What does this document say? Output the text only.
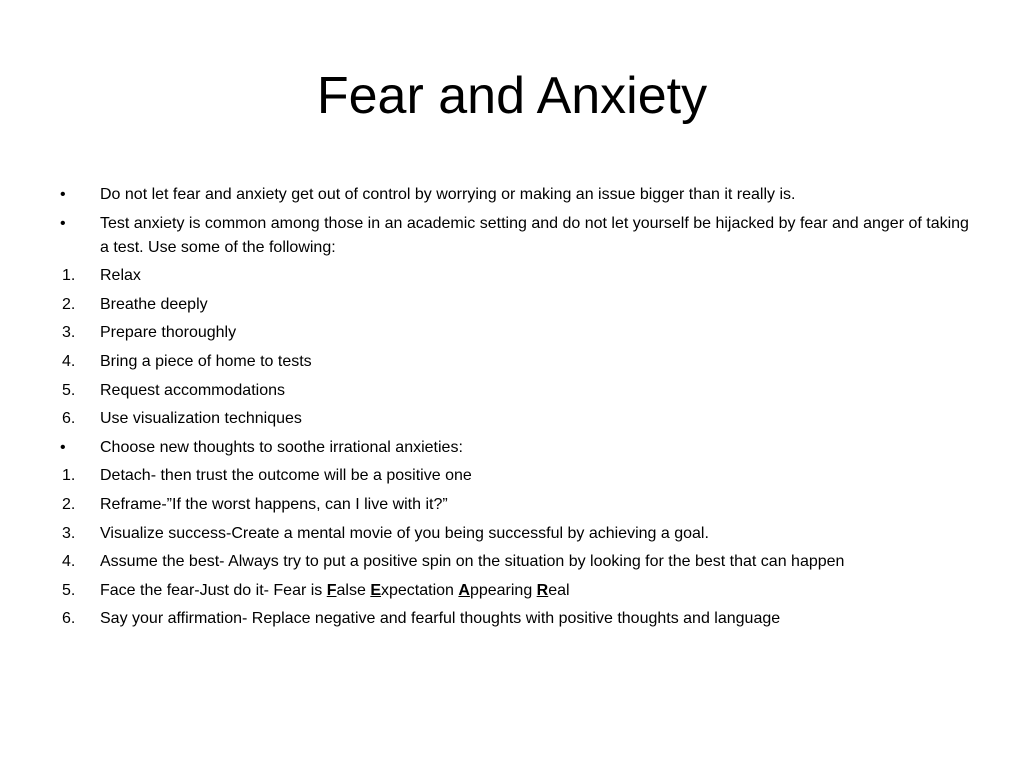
Fear and Anxiety
•	Do not let fear and anxiety get out of control by worrying or making an issue bigger than it really is.
•	Test anxiety is common among those in an academic setting and do not let yourself be hijacked by fear and anger of taking a test. Use some of the following:
1.	Relax
2.	Breathe deeply
3.	Prepare thoroughly
4.	Bring a piece of home to tests
5.	Request accommodations
6.	Use visualization techniques
•	Choose new thoughts to soothe irrational anxieties:
1.	Detach- then trust the outcome will be a positive one
2.	Reframe-”If the worst happens, can I live with it?”
3.	Visualize success-Create a mental movie of you being successful by achieving a goal.
4.	Assume the best- Always try to put a positive spin on the situation by looking for the best that can happen
5.	Face the fear-Just do it- Fear is False Expectation Appearing Real
6.	Say your affirmation- Replace negative and fearful thoughts with positive thoughts and language
